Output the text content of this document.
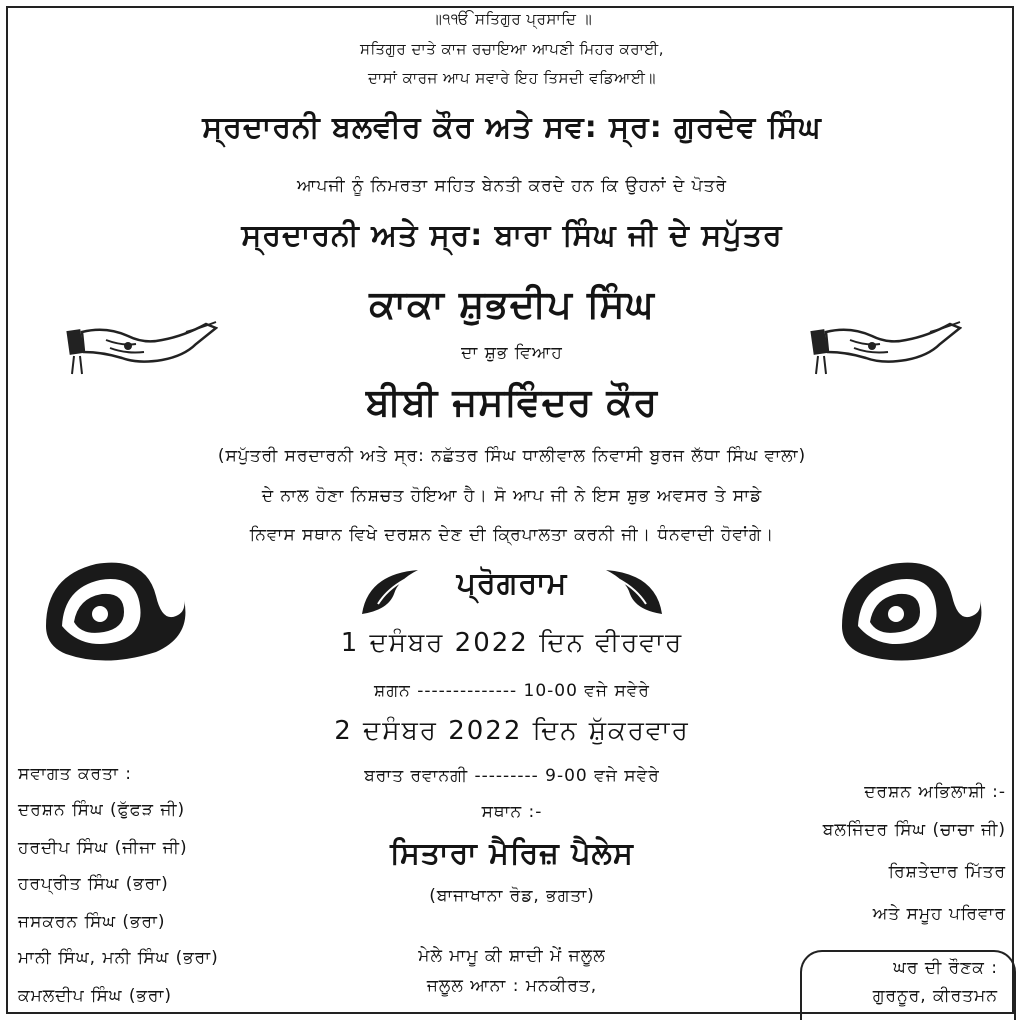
॥੧ੴ ਸਤਿਗੁਰ ਪ੍ਰਸਾਦਿ ॥
ਸਤਿਗੁਰ ਦਾਤੇ ਕਾਜ ਰਚਾਇਆ ਆਪਣੀ ਮਿਹਰ ਕਰਾਈ,
ਦਾਸਾਂ ਕਾਰਜ ਆਪ ਸਵਾਰੇ ਇਹ ਤਿਸਦੀ ਵਡਿਆਈ॥
ਸ੍ਰਦਾਰਨੀ ਬਲਵੀਰ ਕੌਰ ਅਤੇ ਸਵ: ਸ੍ਰ: ਗੁਰਦੇਵ ਸਿੰਘ
ਆਪਜੀ ਨੂੰ ਨਿਮਰਤਾ ਸਹਿਤ ਬੇਨਤੀ ਕਰਦੇ ਹਨ ਕਿ ਉਹਨਾਂ ਦੇ ਪੋਤਰੇ
ਸ੍ਰਦਾਰਨੀ ਅਤੇ ਸ੍ਰ: ਬਾਰਾ ਸਿੰਘ ਜੀ ਦੇ ਸਪੁੱਤਰ
ਕਾਕਾ ਸ਼ੁਭਦੀਪ ਸਿੰਘ
ਦਾ ਸ਼ੁਭ ਵਿਆਹ
ਬੀਬੀ ਜਸਵਿੰਦਰ ਕੌਰ
(ਸਪੁੱਤਰੀ ਸਰਦਾਰਨੀ ਅਤੇ ਸ੍ਰ: ਨਛੱਤਰ ਸਿੰਘ ਧਾਲੀਵਾਲ ਨਿਵਾਸੀ ਬੁਰਜ ਲੱਧਾ ਸਿੰਘ ਵਾਲਾ)
ਦੇ ਨਾਲ ਹੋਣਾ ਨਿਸ਼ਚਤ ਹੋਇਆ ਹੈ। ਸੋ ਆਪ ਜੀ ਨੇ ਇਸ ਸ਼ੁਭ ਅਵਸਰ ਤੇ ਸਾਡੇ
ਨਿਵਾਸ ਸਥਾਨ ਵਿਖੇ ਦਰਸ਼ਨ ਦੇਣ ਦੀ ਕ੍ਰਿਪਾਲਤਾ ਕਰਨੀ ਜੀ। ਧੰਨਵਾਦੀ ਹੋਵਾਂਗੇ।
ਪ੍ਰੋਗਰਾਮ
1 ਦਸੰਬਰ 2022 ਦਿਨ ਵੀਰਵਾਰ
ਸ਼ਗਨ -------------- 10-00 ਵਜੇ ਸਵੇਰੇ
2 ਦਸੰਬਰ 2022 ਦਿਨ ਸ਼ੁੱਕਰਵਾਰ
ਬਰਾਤ ਰਵਾਨਗੀ --------- 9-00 ਵਜੇ ਸਵੇਰੇ
ਸਥਾਨ :-
ਸਿਤਾਰਾ ਮੈਰਿਜ਼ ਪੈਲੇਸ
(ਬਾਜਾਖਾਨਾ ਰੋਡ, ਭਗਤਾ)
ਮੇਲੇ ਮਾਮੂ ਕੀ ਸ਼ਾਦੀ ਮੇਂ ਜਲੂਲ
ਜਲੂਲ ਆਨਾ : ਮਨਕੀਰਤ,
ਸਵਾਗਤ ਕਰਤਾ :
ਦਰਸ਼ਨ ਸਿੰਘ (ਫੁੱਫੜ ਜੀ)
ਹਰਦੀਪ ਸਿੰਘ (ਜੀਜਾ ਜੀ)
ਹਰਪ੍ਰੀਤ ਸਿੰਘ (ਭਰਾ)
ਜਸਕਰਨ ਸਿੰਘ (ਭਰਾ)
ਮਾਨੀ ਸਿੰਘ, ਮਨੀ ਸਿੰਘ (ਭਰਾ)
ਕਮਲਦੀਪ ਸਿੰਘ (ਭਰਾ)
ਦਰਸ਼ਨ ਅਭਿਲਾਸ਼ੀ :-
ਬਲਜਿੰਦਰ ਸਿੰਘ (ਚਾਚਾ ਜੀ)
ਰਿਸ਼ਤੇਦਾਰ ਮਿੱਤਰ
ਅਤੇ ਸਮੂਹ ਪਰਿਵਾਰ
ਘਰ ਦੀ ਰੌਣਕ :
ਗੁਰਨੂਰ, ਕੀਰਤਮਨ
